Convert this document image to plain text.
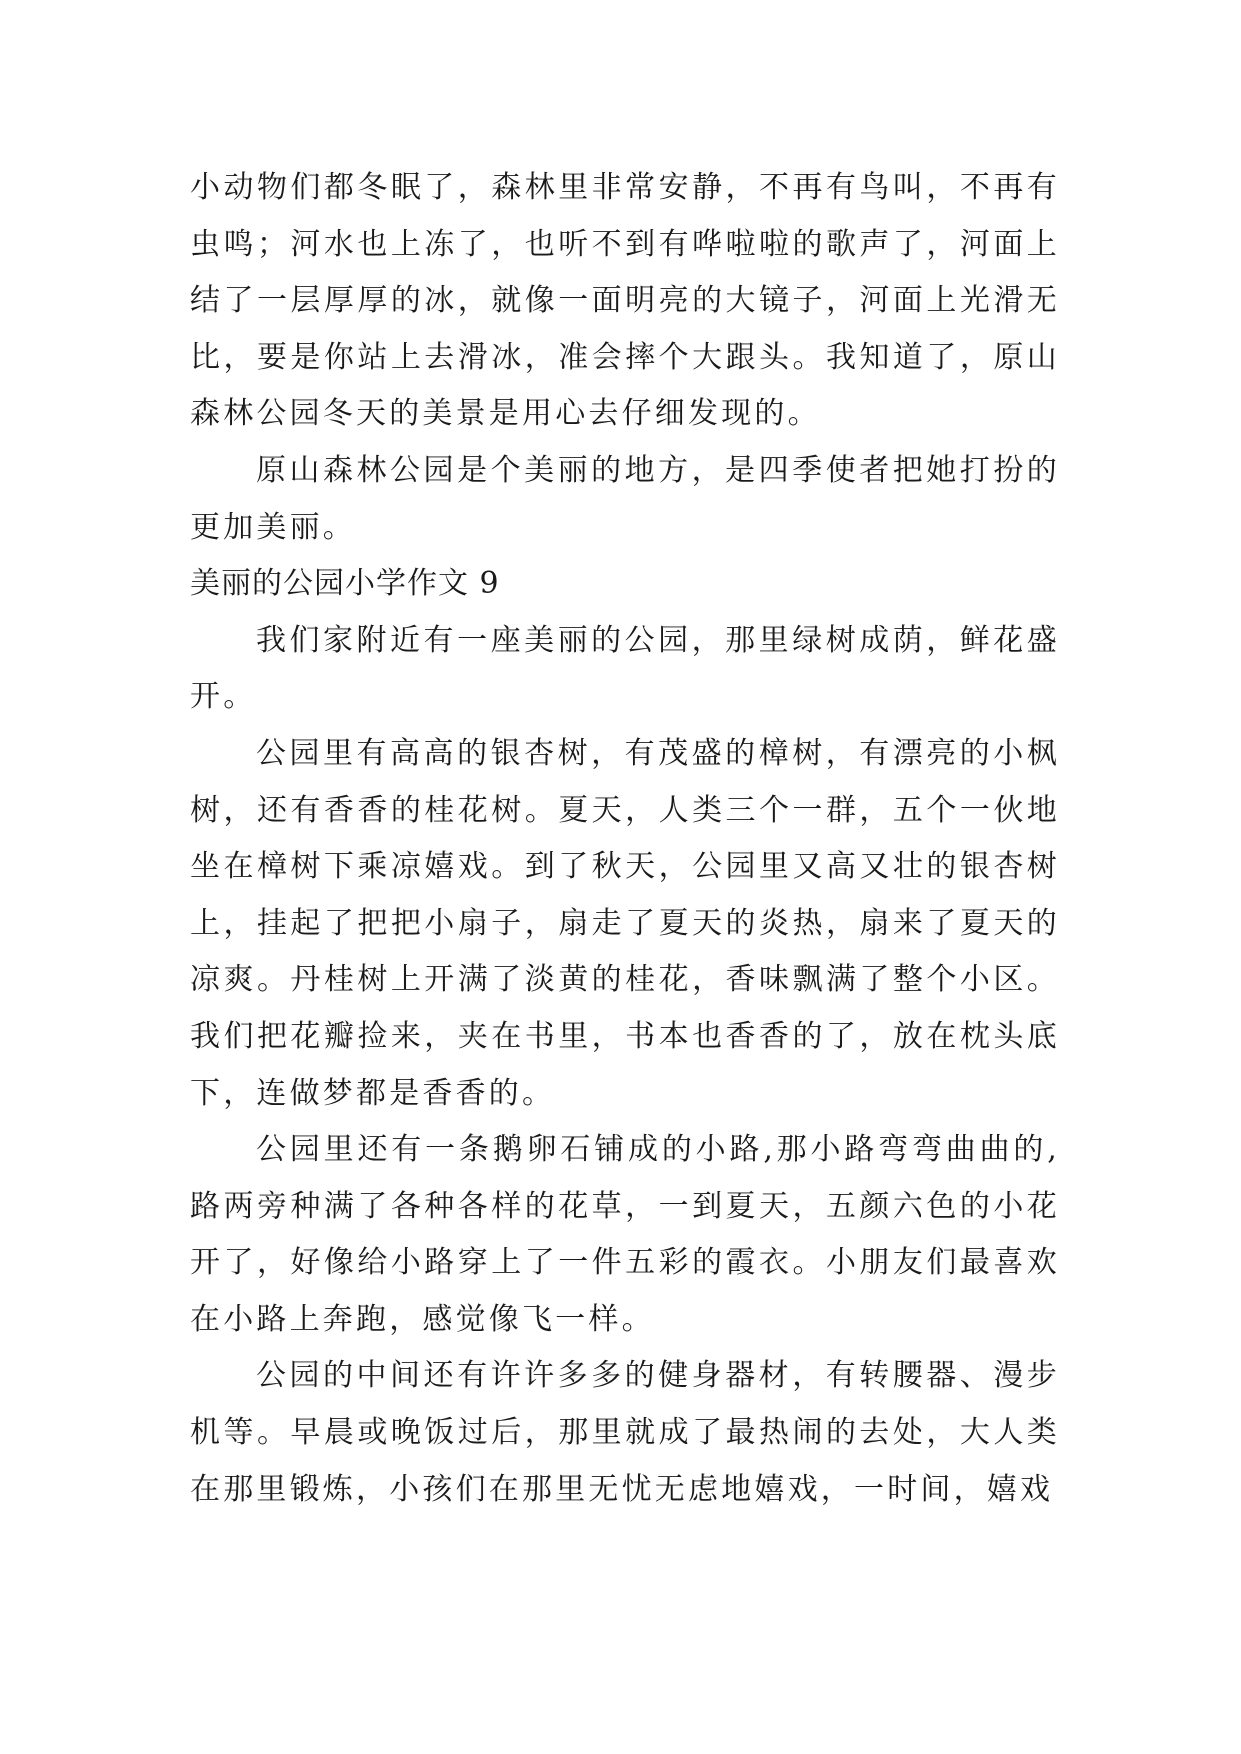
小动物们都冬眠了，森林里非常安静，不再有鸟叫，不再有虫鸣；河水也上冻了，也听不到有哗啦啦的歌声了，河面上结了一层厚厚的冰，就像一面明亮的大镜子，河面上光滑无比，要是你站上去滑冰，准会摔个大跟头。我知道了，原山森林公园冬天的美景是用心去仔细发现的。

原山森林公园是个美丽的地方，是四季使者把她打扮的更加美丽。

美丽的公园小学作文 9

我们家附近有一座美丽的公园，那里绿树成荫，鲜花盛开。

公园里有高高的银杏树，有茂盛的樟树，有漂亮的小枫树，还有香香的桂花树。夏天，人类三个一群，五个一伙地坐在樟树下乘凉嬉戏。到了秋天，公园里又高又壮的银杏树上，挂起了把把小扇子，扇走了夏天的炎热，扇来了夏天的凉爽。丹桂树上开满了淡黄的桂花，香味飘满了整个小区。我们把花瓣捡来，夹在书里，书本也香香的了，放在枕头底下，连做梦都是香香的。

公园里还有一条鹅卵石铺成的小路,那小路弯弯曲曲的,路两旁种满了各种各样的花草，一到夏天，五颜六色的小花开了，好像给小路穿上了一件五彩的霞衣。小朋友们最喜欢在小路上奔跑，感觉像飞一样。

公园的中间还有许许多多的健身器材，有转腰器、漫步机等。早晨或晚饭过后，那里就成了最热闹的去处，大人类在那里锻炼，小孩们在那里无忧无虑地嬉戏，一时间，嬉戏
